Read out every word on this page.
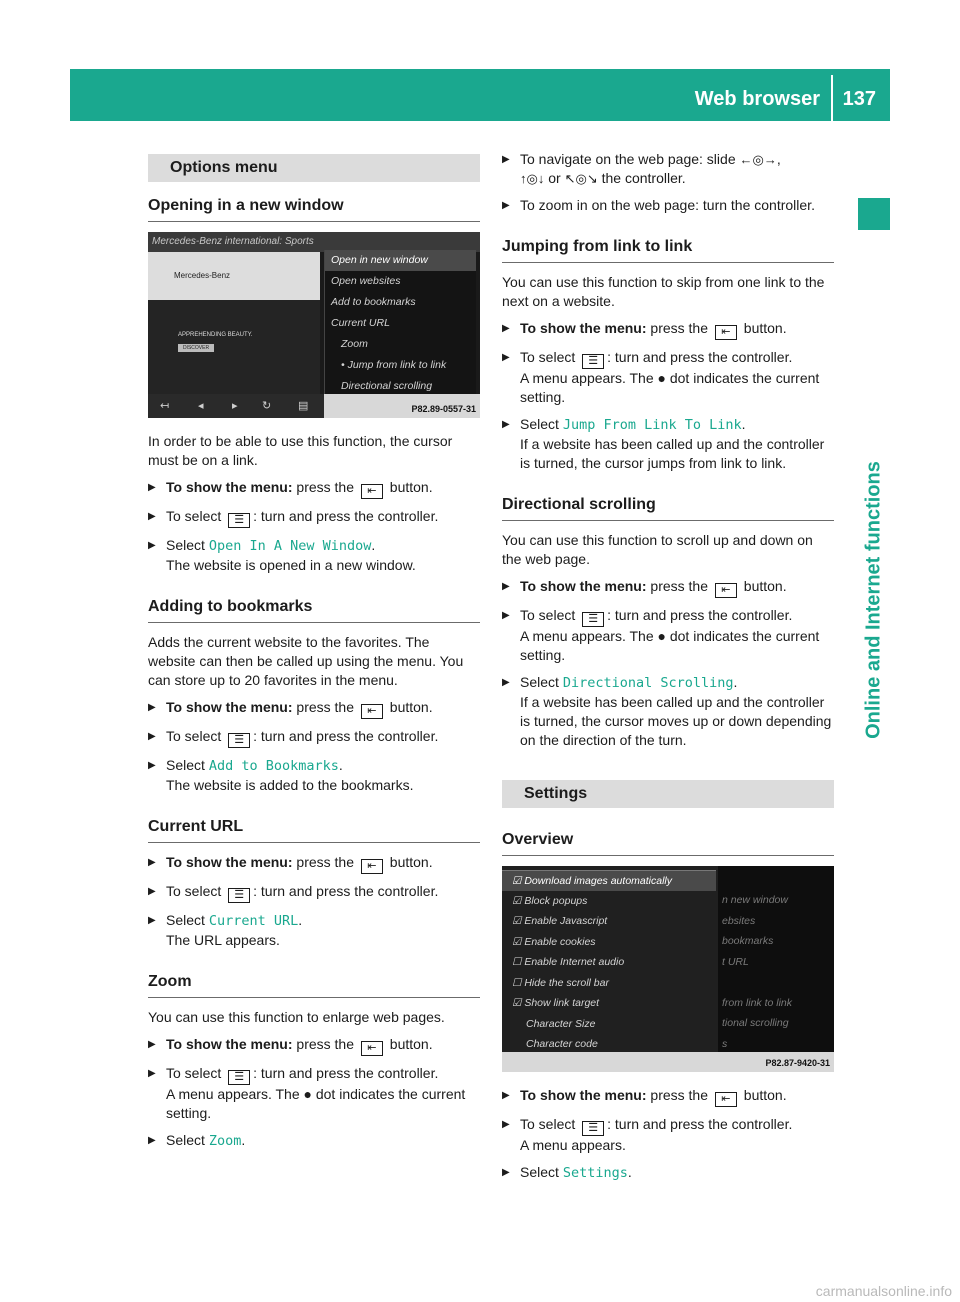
Web browser 137
Online and Internet functions
Options menu
Opening in a new window
Mercedes-Benz international: Sports
Mercedes-Benz
APPREHENDING BEAUTY.
DISCOVER
Open in new window
Open websites
Add to bookmarks
Current URL
Zoom
• Jump from link to link
Directional scrolling
↤	◂	▸ ↻ ▤	P82.89-0557-31

In order to be able to use this function, the cursor must be on a link.

▶ To show the menu: press the ⇤ button.
▶ To select ☰ : turn and press the controller.
▶ Select Open In A New Window.
The website is opened in a new window.
Adding to bookmarks

Adds the current website to the favorites. The website can then be called up using the menu. You can store up to 20 favorites in the menu.

▶ To show the menu: press the ⇤ button.
▶ To select ☰ : turn and press the controller.
▶ Select Add to Bookmarks.
The website is added to the bookmarks.
Current URL
▶ To show the menu: press the ⇤ button.
▶ To select ☰ : turn and press the controller.
▶ Select Current URL.
The URL appears.
Zoom

You can use this function to enlarge web pages.

▶ To show the menu: press the ⇤ button.
▶ To select ☰ : turn and press the controller.
A menu appears. The ● dot indicates the current setting.
▶ Select Zoom.
▶ To navigate on the web page: slide ←◎→,
↑◎↓ or ↖◎↘ the controller.
▶ To zoom in on the web page: turn the controller.
Jumping from link to link

You can use this function to skip from one link to the next on a website.

▶ To show the menu: press the ⇤ button.
▶ To select ☰ : turn and press the controller.
A menu appears. The ● dot indicates the current setting.
▶ Select Jump From Link To Link.
If a website has been called up and the controller is turned, the cursor jumps from link to link.
Directional scrolling

You can use this function to scroll up and down on the web page.

▶ To show the menu: press the ⇤ button.
▶ To select ☰ : turn and press the controller.
A menu appears. The ● dot indicates the current setting.
▶ Select Directional Scrolling.
If a website has been called up and the controller is turned, the cursor moves up or down depending on the direction of the turn.
Settings
Overview
☑ Download images automatically
☑ Block popups
☑ Enable Javascript
☑ Enable cookies
☐ Enable Internet audio
☐ Hide the scroll bar
☑ Show link target
Character Size
Character code
n new window
ebsites
bookmarks
t URL
from link to link
tional scrolling
s
P82.87-9420-31
▶ To show the menu: press the ⇤ button.
▶ To select ☰ : turn and press the controller.
A menu appears.
▶ Select Settings.
carmanualsonline.info
